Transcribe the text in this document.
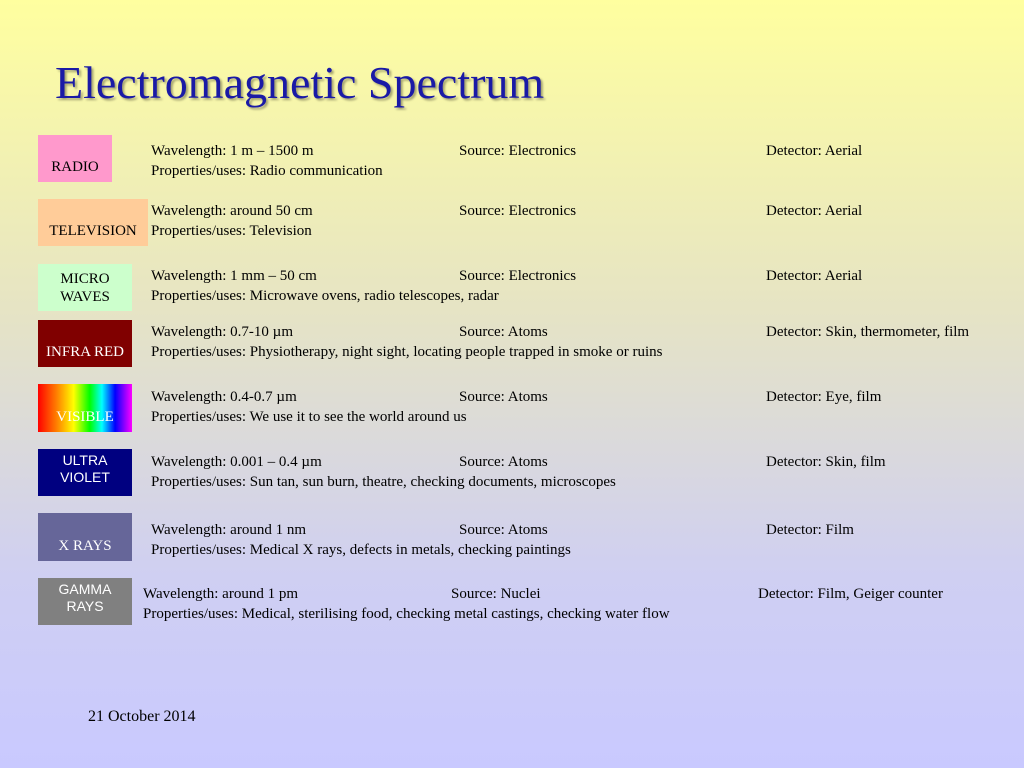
Electromagnetic Spectrum
RADIO
Wavelength: 1 m – 1500 m	Source: Electronics	Detector: Aerial
Properties/uses: Radio communication
TELEVISION
Wavelength: around 50 cm	Source: Electronics	Detector: Aerial
Properties/uses: Television
MICRO
WAVES
Wavelength: 1 mm – 50 cm	Source: Electronics	Detector: Aerial
Properties/uses: Microwave ovens, radio telescopes, radar
INFRA RED
Wavelength: 0.7-10 µm	Source: Atoms	Detector: Skin, thermometer, film
Properties/uses: Physiotherapy, night sight, locating people trapped in smoke or ruins
VISIBLE
Wavelength: 0.4-0.7 µm	Source: Atoms	Detector: Eye, film
Properties/uses: We use it to see the world around us
ULTRA
VIOLET
Wavelength: 0.001 – 0.4 µm	Source: Atoms	Detector: Skin, film
Properties/uses: Sun tan, sun burn, theatre, checking documents, microscopes
X RAYS
Wavelength: around 1 nm	Source: Atoms	Detector: Film
Properties/uses: Medical X rays, defects in metals, checking paintings
GAMMA
RAYS
Wavelength: around 1 pm	Source: Nuclei	Detector: Film, Geiger counter
Properties/uses: Medical, sterilising food, checking metal castings, checking water flow
21 October 2014
